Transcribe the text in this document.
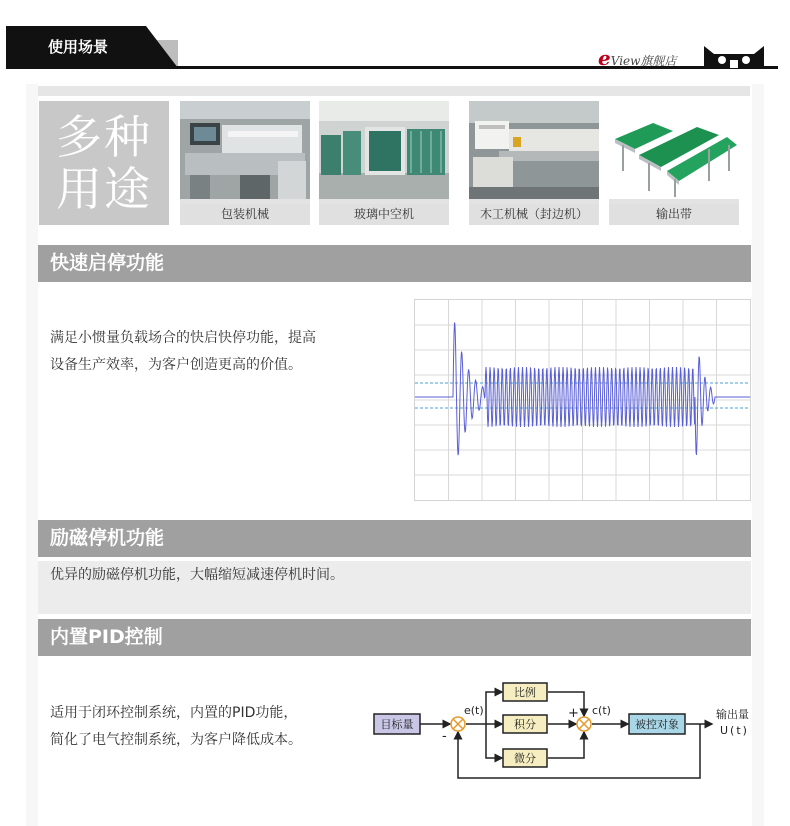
使用场景	eView旗舰店
多种
用途	包装机械	玻璃中空机	木工机械（封边机）	输出带
快速启停功能
满足小惯量负载场合的快启快停功能，提高
设备生产效率，为客户创造更高的价值。
励磁停机功能
优异的励磁停机功能，大幅缩短减速停机时间。
内置PID控制
适用于闭环控制系统，内置的PID功能，
简化了电气控制系统，为客户降低成本。
目标量
比例
积分
微分
被控对象
e(t)	c(t)
+
-
输出量
U(t)
